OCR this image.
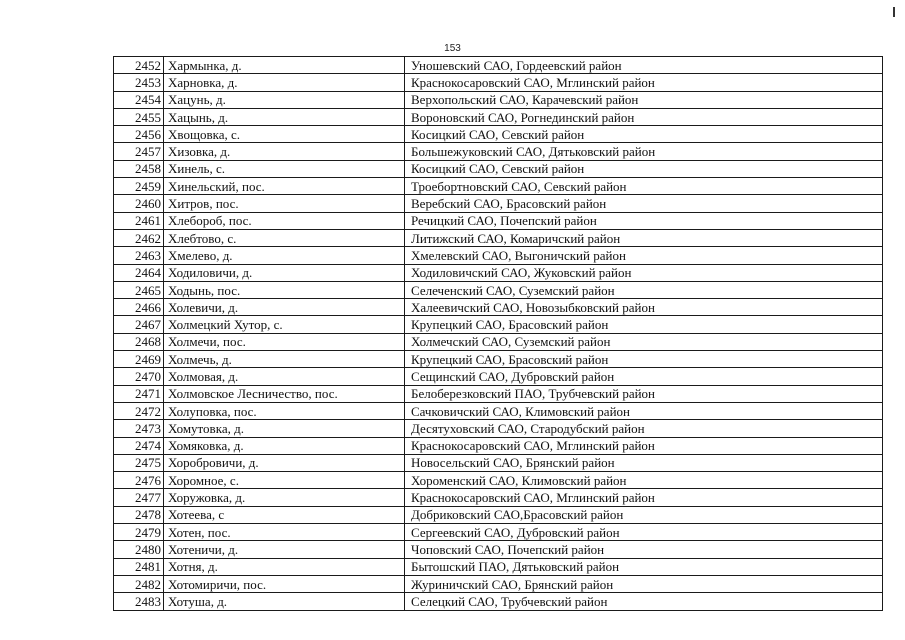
153
2452	Хармынка, д.	Уношевский САО, Гордеевский район
2453	Харновка, д.	Краснокосаровский САО, Мглинский район
2454	Хацунь, д.	Верхопольский САО, Карачевский район
2455	Хацынь, д.	Вороновский САО, Рогнединский район
2456	Хвощовка, с.	Косицкий САО, Севский район
2457	Хизовка, д.	Большежуковский САО, Дятьковский район
2458	Хинель, с.	Косицкий САО, Севский район
2459	Хинельский, пос.	Троебортновский САО, Севский район
2460	Хитров, пос.	Веребский САО, Брасовский район
2461	Хлебороб, пос.	Речицкий САО, Почепский район
2462	Хлебтово, с.	Литижский САО, Комаричский район
2463	Хмелево, д.	Хмелевский САО, Выгоничский район
2464	Ходиловичи, д.	Ходиловичский САО, Жуковский район
2465	Ходынь, пос.	Селеченский САО, Суземский район
2466	Холевичи, д.	Халеевичский САО, Новозыбковский район
2467	Холмецкий Хутор, с.	Крупецкий САО, Брасовский район
2468	Холмечи, пос.	Холмечский САО, Суземский район
2469	Холмечь, д.	Крупецкий САО, Брасовский район
2470	Холмовая, д.	Сещинский САО, Дубровский район
2471	Холмовское Лесничество, пос.	Белоберезковский ПАО, Трубчевский район
2472	Холуповка, пос.	Сачковичский САО, Климовский район
2473	Хомутовка, д.	Десятуховский САО, Стародубский район
2474	Хомяковка, д.	Краснокосаровский САО, Мглинский район
2475	Хоробровичи, д.	Новосельский САО, Брянский район
2476	Хоромное, с.	Хороменский САО, Климовский район
2477	Хоружовка, д.	Краснокосаровский САО, Мглинский район
2478	Хотеева, с	Добриковский САО,Брасовский район
2479	Хотен, пос.	Сергеевский САО, Дубровский район
2480	Хотеничи, д.	Чоповский САО, Почепский район
2481	Хотня, д.	Бытошский ПАО, Дятьковский район
2482	Хотомиричи, пос.	Журиничский САО, Брянский район
2483	Хотуша, д.	Селецкий САО, Трубчевский район
